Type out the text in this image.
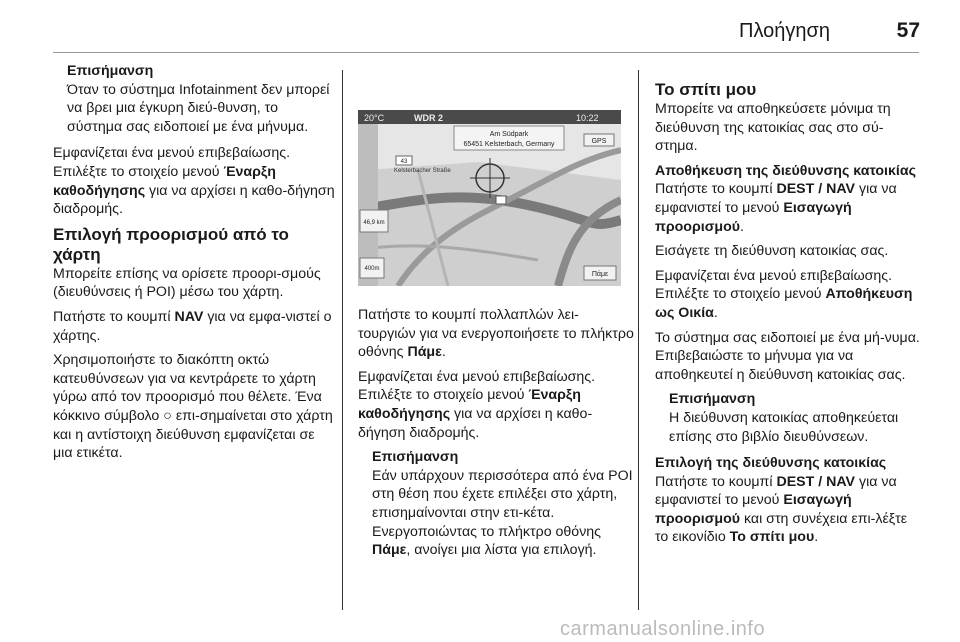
Πλοήγηση	57
Επισήμανση
Όταν το σύστημα Infotainment δεν μπορεί να βρει μια έγκυρη διεύ-θυνση, το σύστημα σας ειδοποιεί με ένα μήνυμα.

Εμφανίζεται ένα μενού επιβεβαίωσης. Επιλέξτε το στοιχείο μενού Έναρξη καθοδήγησης για να αρχίσει η καθο-δήγηση διαδρομής.

Επιλογή προορισμού από το χάρτη

Μπορείτε επίσης να ορίσετε προορι-σμούς (διευθύνσεις ή POI) μέσω του χάρτη.

Πατήστε το κουμπί NAV για να εμφα-νιστεί ο χάρτης.

Χρησιμοποιήστε το διακόπτη οκτώ κατευθύνσεων για να κεντράρετε το χάρτη γύρω από τον προορισμό που θέλετε. Ένα κόκκινο σύμβολο ○ επι-σημαίνεται στο χάρτη και η αντίστοιχη διεύθυνση εμφανίζεται σε μια ετικέτα.

20°C	WDR 2	10:22
Am Südpark
65451 Kelsterbach, Germany
Kelsterbacher Straße
43
46,9 km
400m
GPS
Πάμε

Πατήστε το κουμπί πολλαπλών λει-τουργιών για να ενεργοποιήσετε το πλήκτρο οθόνης Πάμε.

Εμφανίζεται ένα μενού επιβεβαίωσης. Επιλέξτε το στοιχείο μενού Έναρξη καθοδήγησης για να αρχίσει η καθο-δήγηση διαδρομής.

Επισήμανση
Εάν υπάρχουν περισσότερα από ένα POI στη θέση που έχετε επιλέξει στο χάρτη, επισημαίνονται στην ετι-κέτα. Ενεργοποιώντας το πλήκτρο οθόνης Πάμε, ανοίγει μια λίστα για επιλογή.
Το σπίτι μου

Μπορείτε να αποθηκεύσετε μόνιμα τη διεύθυνση της κατοικίας σας στο σύ-στημα.

Αποθήκευση της διεύθυνσης κατοικίας

Πατήστε το κουμπί DEST / NAV για να εμφανιστεί το μενού Εισαγωγή προορισμού.

Εισάγετε τη διεύθυνση κατοικίας σας.

Εμφανίζεται ένα μενού επιβεβαίωσης. Επιλέξτε το στοιχείο μενού Αποθήκευση ως Οικία.

Το σύστημα σας ειδοποιεί με ένα μή-νυμα. Επιβεβαιώστε το μήνυμα για να αποθηκευτεί η διεύθυνση κατοικίας σας.

Επισήμανση
Η διεύθυνση κατοικίας αποθηκεύεται επίσης στο βιβλίο διευθύνσεων.
Επιλογή της διεύθυνσης κατοικίας

Πατήστε το κουμπί DEST / NAV για να εμφανιστεί το μενού Εισαγωγή προορισμού και στη συνέχεια επι-λέξτε το εικονίδιο Το σπίτι μου.

carmanualsonline.info
